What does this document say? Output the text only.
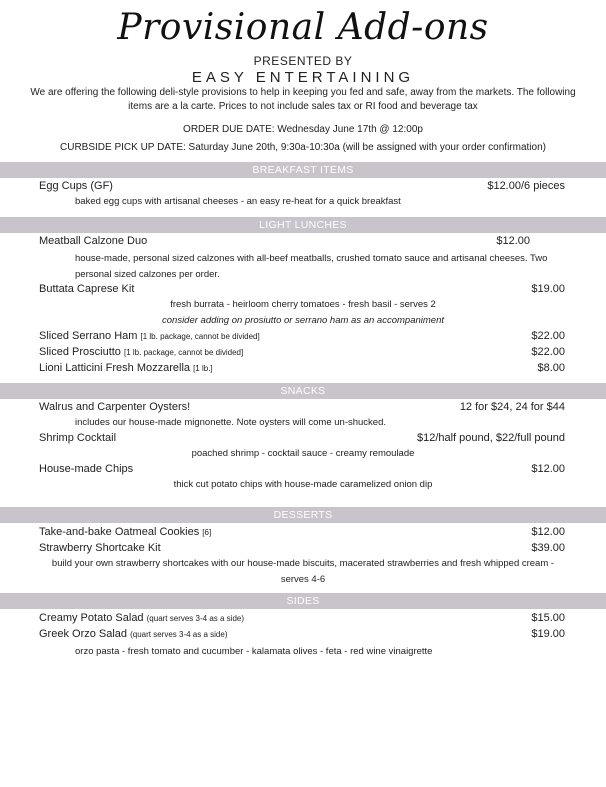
Provisional Add-ons
PRESENTED BY
EASY ENTERTAINING
We are offering the following deli-style provisions to help in keeping you fed and safe, away from the markets. The following items are a la carte. Prices to not include sales tax or RI food and beverage tax
ORDER DUE DATE: Wednesday June 17th @ 12:00p
CURBSIDE PICK UP DATE: Saturday June 20th, 9:30a-10:30a (will be assigned with your order confirmation)
BREAKFAST ITEMS
Egg Cups (GF)	$12.00/6 pieces
baked egg cups with artisanal cheeses - an easy re-heat for a quick breakfast
LIGHT LUNCHES
Meatball Calzone Duo	$12.00
house-made, personal sized calzones with all-beef meatballs, crushed tomato sauce and artisanal cheeses. Two personal sized calzones per order.
Buttata Caprese Kit	$19.00
fresh burrata - heirloom cherry tomatoes - fresh basil - serves 2
consider adding on prosiutto or serrano ham as an accompaniment
Sliced Serrano Ham [1 lb. package, cannot be divided]	$22.00
Sliced Prosciutto [1 lb. package, cannot be divided]	$22.00
Lioni Latticini Fresh Mozzarella [1 lb.]	$8.00
SNACKS
Walrus and Carpenter Oysters!	12 for $24, 24 for $44
includes our house-made mignonette. Note oysters will come un-shucked.
Shrimp Cocktail	$12/half pound, $22/full pound
poached shrimp - cocktail sauce - creamy remoulade
House-made Chips	$12.00
thick cut potato chips with house-made caramelized onion dip
DESSERTS
Take-and-bake Oatmeal Cookies [6]	$12.00
Strawberry Shortcake Kit	$39.00
build your own strawberry shortcakes with our house-made biscuits, macerated strawberries and fresh whipped cream - serves 4-6
SIDES
Creamy Potato Salad (quart serves 3-4 as a side)	$15.00
Greek Orzo Salad (quart serves 3-4 as a side)	$19.00
orzo pasta - fresh tomato and cucumber - kalamata olives - feta - red wine vinaigrette
